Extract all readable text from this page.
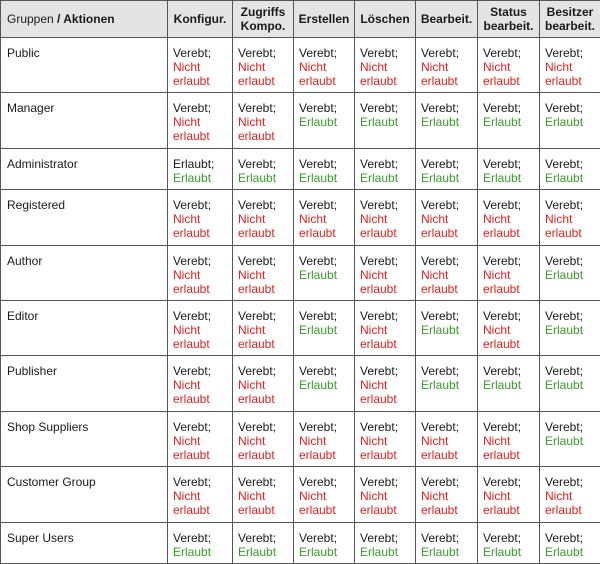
Gruppen / Aktionen	Konfigur.	Zugriffs
Kompo.	Erstellen	Löschen	Bearbeit.	Status
bearbeit.	Besitzer
bearbeit.

Public	Verebt;
Nicht
erlaubt	Verebt;
Nicht
erlaubt	Verebt;
Nicht
erlaubt	Verebt;
Nicht
erlaubt	Verebt;
Nicht
erlaubt	Verebt;
Nicht
erlaubt	Verebt;
Nicht
erlaubt

Manager	Verebt;
Nicht
erlaubt	Verebt;
Nicht
erlaubt	Verebt;
Erlaubt	Verebt;
Erlaubt	Verebt;
Erlaubt	Verebt;
Erlaubt	Verebt;
Erlaubt

Administrator	Erlaubt;
Erlaubt	Verebt;
Erlaubt	Verebt;
Erlaubt	Verebt;
Erlaubt	Verebt;
Erlaubt	Verebt;
Erlaubt	Verebt;
Erlaubt

Registered	Verebt;
Nicht
erlaubt	Verebt;
Nicht
erlaubt	Verebt;
Nicht
erlaubt	Verebt;
Nicht
erlaubt	Verebt;
Nicht
erlaubt	Verebt;
Nicht
erlaubt	Verebt;
Nicht
erlaubt

Author	Verebt;
Nicht
erlaubt	Verebt;
Nicht
erlaubt	Verebt;
Erlaubt	Verebt;
Nicht
erlaubt	Verebt;
Nicht
erlaubt	Verebt;
Nicht
erlaubt	Verebt;
Erlaubt

Editor	Verebt;
Nicht
erlaubt	Verebt;
Nicht
erlaubt	Verebt;
Erlaubt	Verebt;
Nicht
erlaubt	Verebt;
Erlaubt	Verebt;
Nicht
erlaubt	Verebt;
Erlaubt

Publisher	Verebt;
Nicht
erlaubt	Verebt;
Nicht
erlaubt	Verebt;
Erlaubt	Verebt;
Nicht
erlaubt	Verebt;
Erlaubt	Verebt;
Erlaubt	Verebt;
Erlaubt

Shop Suppliers	Verebt;
Nicht
erlaubt	Verebt;
Nicht
erlaubt	Verebt;
Nicht
erlaubt	Verebt;
Nicht
erlaubt	Verebt;
Nicht
erlaubt	Verebt;
Nicht
erlaubt	Verebt;
Erlaubt

Customer Group	Verebt;
Nicht
erlaubt	Verebt;
Nicht
erlaubt	Verebt;
Nicht
erlaubt	Verebt;
Nicht
erlaubt	Verebt;
Nicht
erlaubt	Verebt;
Nicht
erlaubt	Verebt;
Nicht
erlaubt

Super Users	Verebt;
Erlaubt	Verebt;
Erlaubt	Verebt;
Erlaubt	Verebt;
Erlaubt	Verebt;
Erlaubt	Verebt;
Erlaubt	Verebt;
Erlaubt
